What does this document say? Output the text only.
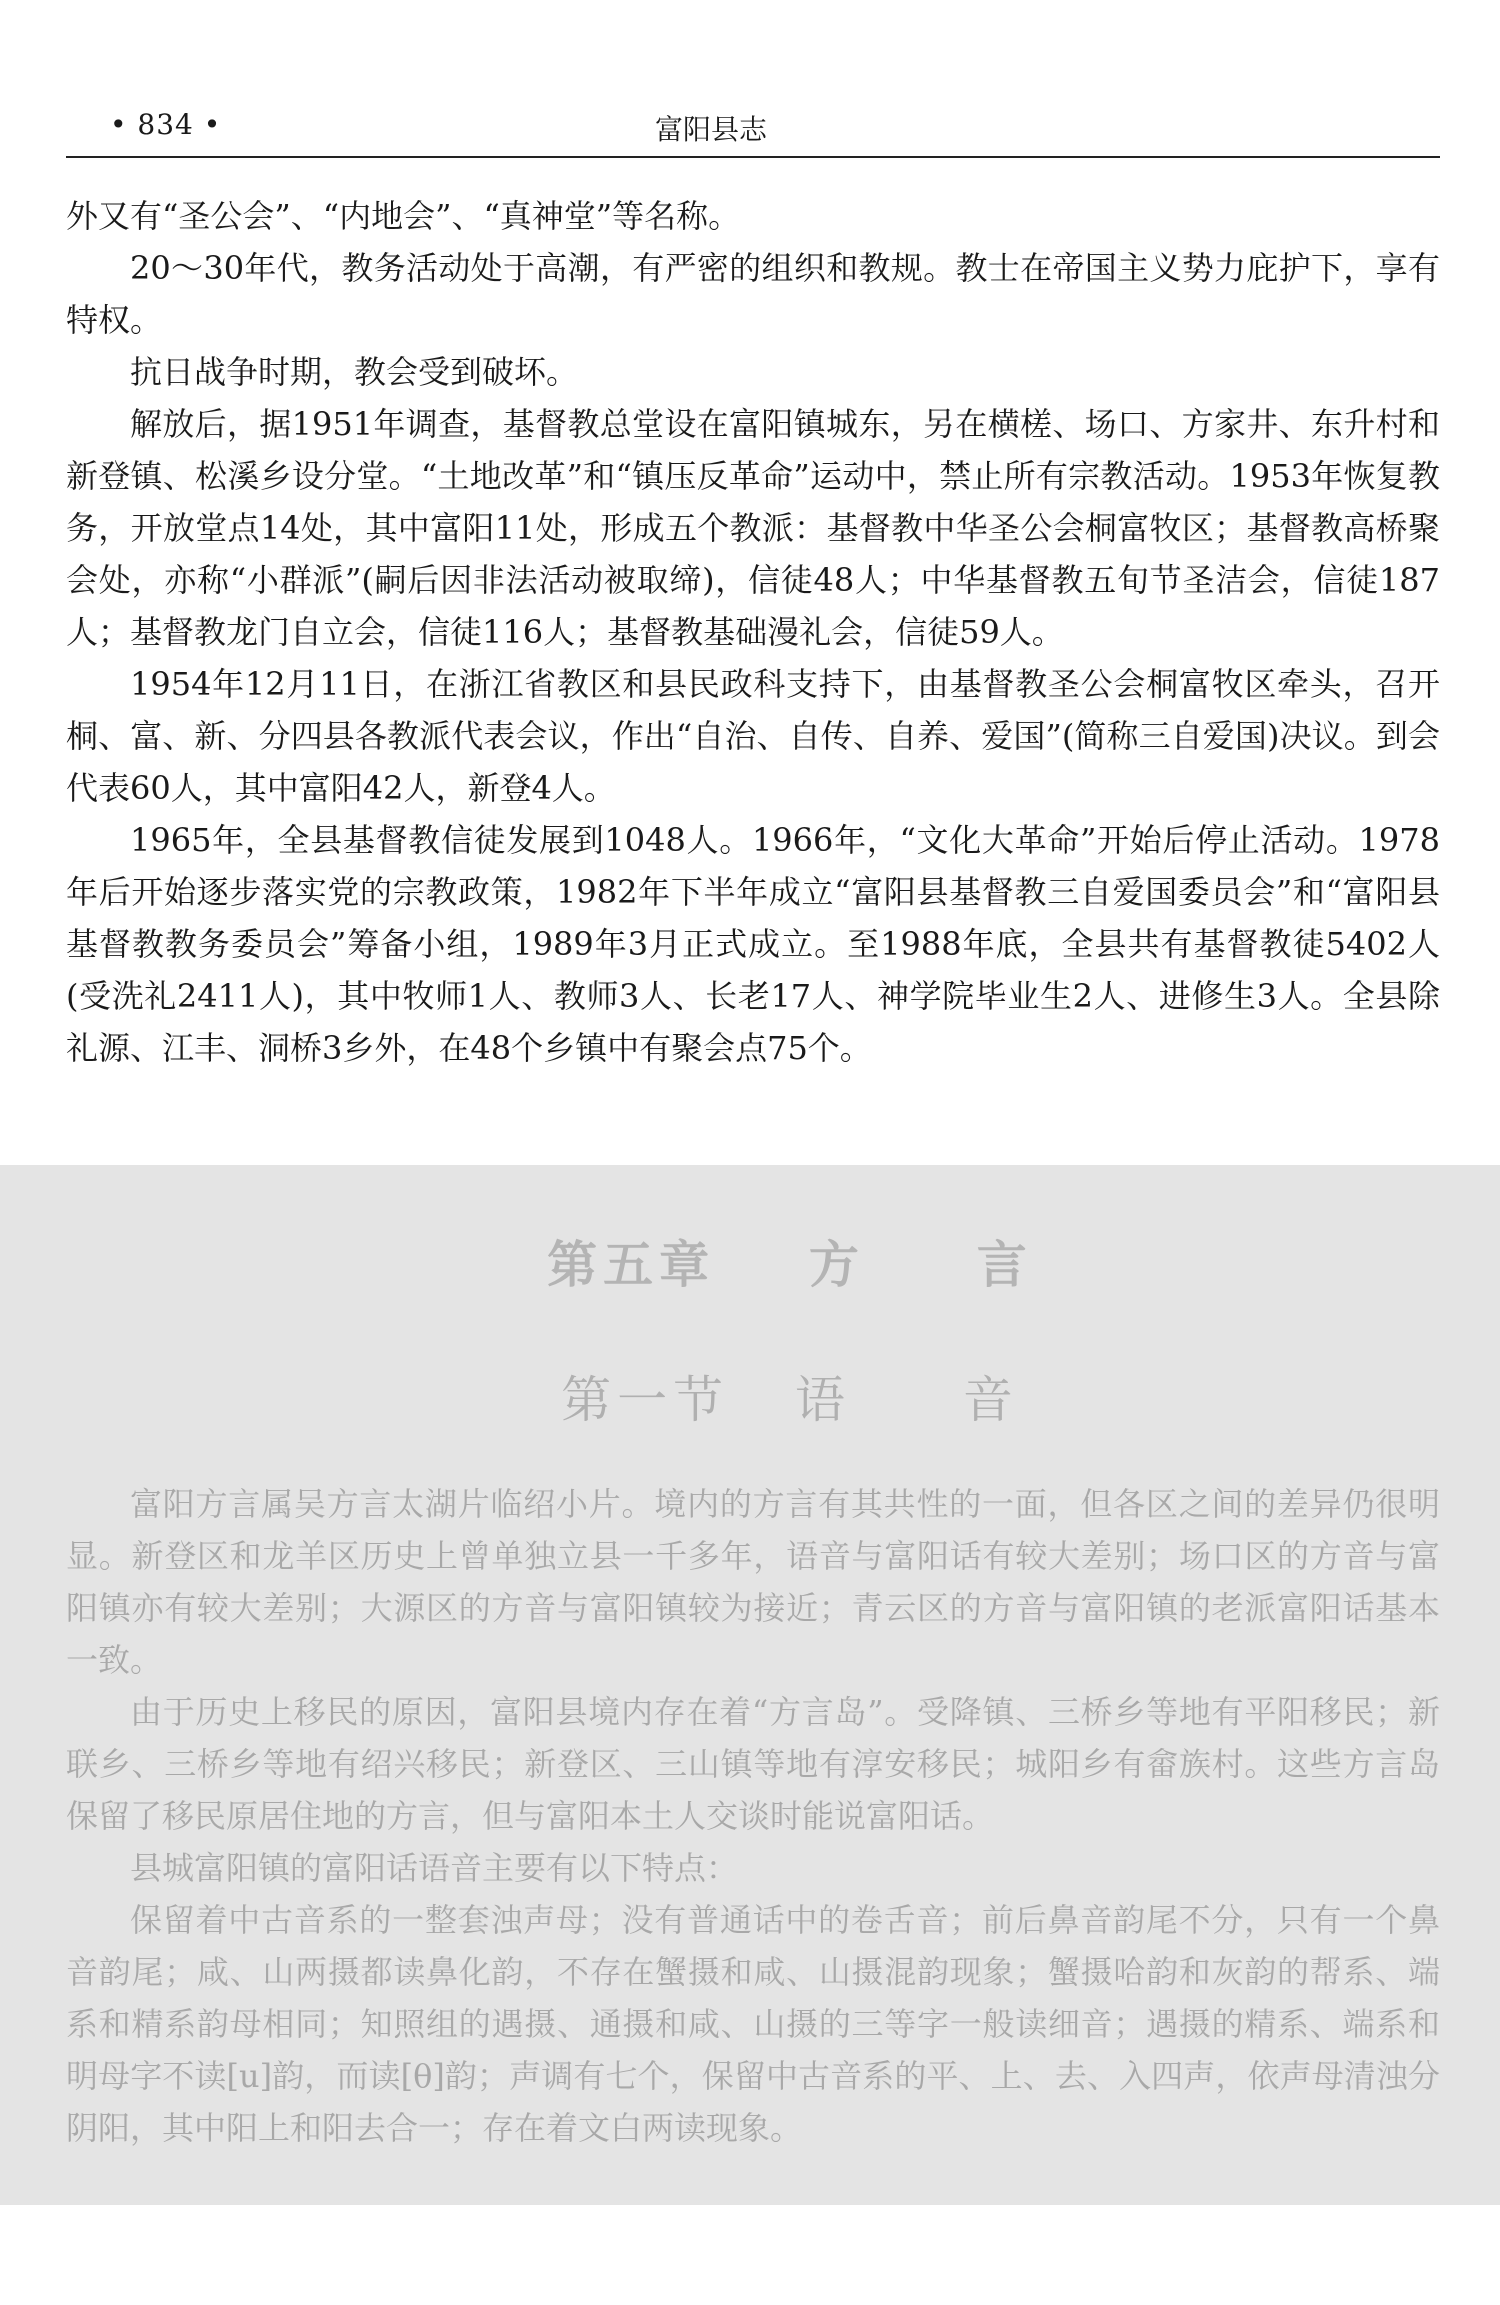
• 834 •	富阳县志

外又有“圣公会”、“内地会”、“真神堂”等名称。

20～30年代，教务活动处于高潮，有严密的组织和教规。教士在帝国主义势力庇护下，享有特权。

抗日战争时期，教会受到破坏。

解放后，据1951年调查，基督教总堂设在富阳镇城东，另在横槎、场口、方家井、东升村和新登镇、松溪乡设分堂。“土地改革”和“镇压反革命”运动中，禁止所有宗教活动。1953年恢复教务，开放堂点14处，其中富阳11处，形成五个教派：基督教中华圣公会桐富牧区；基督教高桥聚会处，亦称“小群派”(嗣后因非法活动被取缔)，信徒48人；中华基督教五旬节圣洁会，信徒187人；基督教龙门自立会，信徒116人；基督教基础漫礼会，信徒59人。

1954年12月11日，在浙江省教区和县民政科支持下，由基督教圣公会桐富牧区牵头，召开桐、富、新、分四县各教派代表会议，作出“自治、自传、自养、爱国”(简称三自爱国)决议。到会代表60人，其中富阳42人，新登4人。

1965年，全县基督教信徒发展到1048人。1966年，“文化大革命”开始后停止活动。1978年后开始逐步落实党的宗教政策，1982年下半年成立“富阳县基督教三自爱国委员会”和“富阳县基督教教务委员会”筹备小组，1989年3月正式成立。至1988年底，全县共有基督教徒5402人(受洗礼2411人)，其中牧师1人、教师3人、长老17人、神学院毕业生2人、进修生3人。全县除礼源、江丰、洞桥3乡外，在48个乡镇中有聚会点75个。

第五章 方　　言
第一节 语　　音

富阳方言属吴方言太湖片临绍小片。境内的方言有其共性的一面，但各区之间的差异仍很明显。新登区和龙羊区历史上曾单独立县一千多年，语音与富阳话有较大差别；场口区的方音与富阳镇亦有较大差别；大源区的方音与富阳镇较为接近；青云区的方音与富阳镇的老派富阳话基本一致。

由于历史上移民的原因，富阳县境内存在着“方言岛”。受降镇、三桥乡等地有平阳移民；新联乡、三桥乡等地有绍兴移民；新登区、三山镇等地有淳安移民；城阳乡有畲族村。这些方言岛保留了移民原居住地的方言，但与富阳本土人交谈时能说富阳话。

县城富阳镇的富阳话语音主要有以下特点：

保留着中古音系的一整套浊声母；没有普通话中的卷舌音；前后鼻音韵尾不分，只有一个鼻音韵尾；咸、山两摄都读鼻化韵，不存在蟹摄和咸、山摄混韵现象；蟹摄哈韵和灰韵的帮系、端系和精系韵母相同；知照组的遇摄、通摄和咸、山摄的三等字一般读细音；遇摄的精系、端系和明母字不读[u]韵，而读[θ]韵；声调有七个，保留中古音系的平、上、去、入四声，依声母清浊分阴阳，其中阳上和阳去合一；存在着文白两读现象。
